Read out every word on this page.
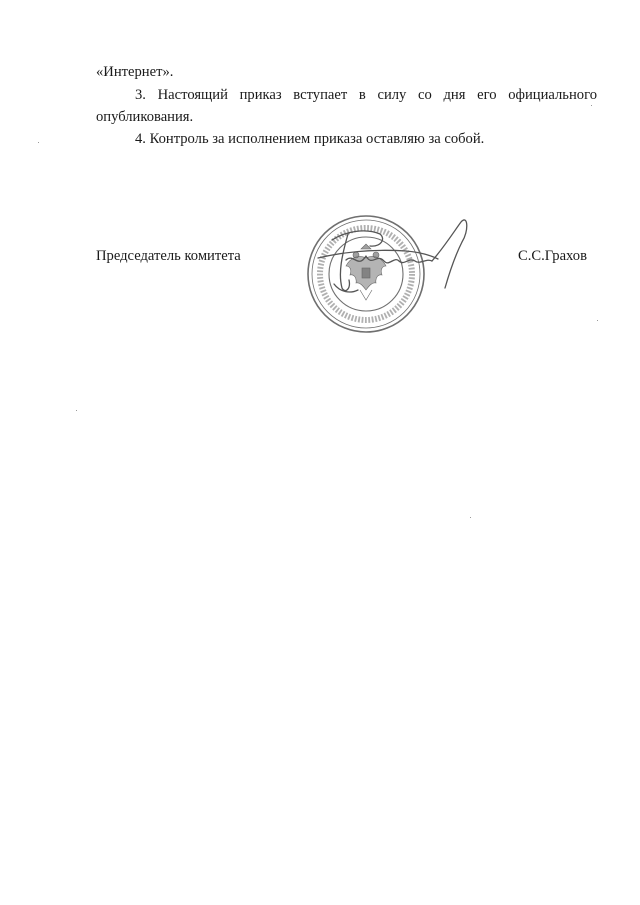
«Интернет».

3. Настоящий приказ вступает в силу со дня его официального

опубликования.

4. Контроль за исполнением приказа оставляю за собой.

Председатель комитета	С.С.Грахов
